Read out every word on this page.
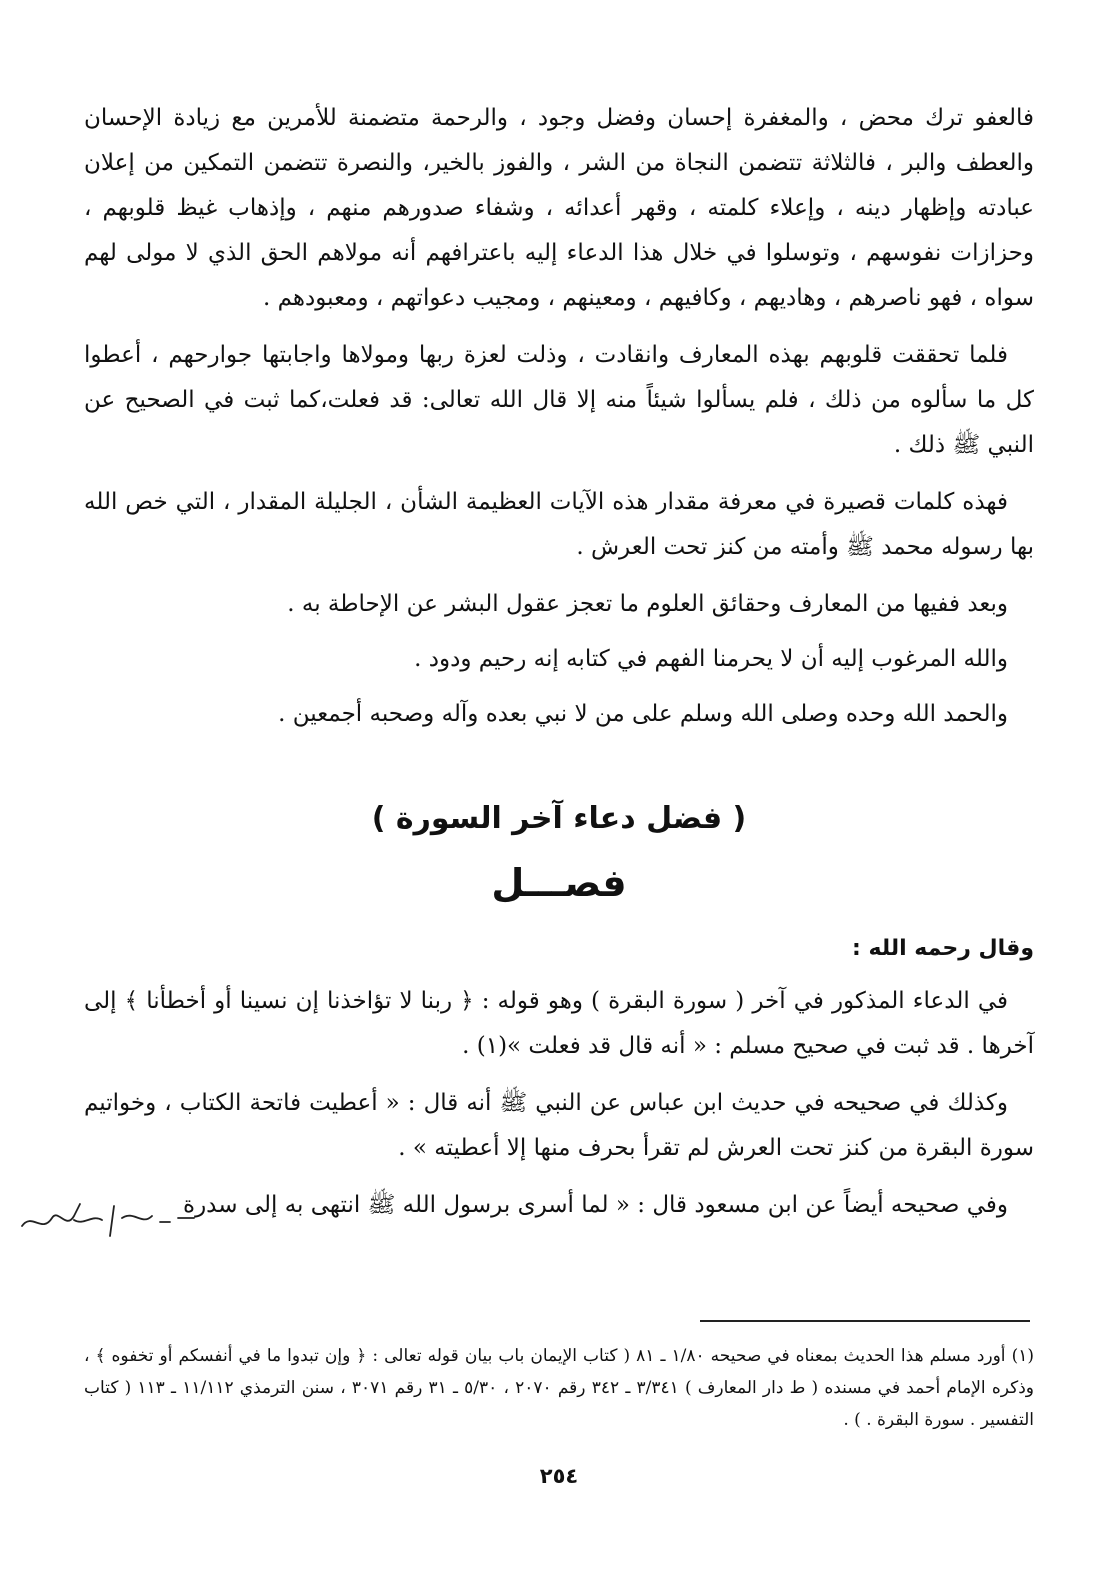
فالعفو ترك محض ، والمغفرة إحسان وفضل وجود ، والرحمة متضمنة للأمرين مع زيادة الإحسان والعطف والبر ، فالثلاثة تتضمن النجاة من الشر ، والفوز بالخير، والنصرة تتضمن التمكين من إعلان عبادته وإظهار دينه ، وإعلاء كلمته ، وقهر أعدائه ، وشفاء صدورهم منهم ، وإذهاب غيظ قلوبهم ، وحزازات نفوسهم ، وتوسلوا في خلال هذا الدعاء إليه باعترافهم أنه مولاهم الحق الذي لا مولى لهم سواه ، فهو ناصرهم ، وهاديهم ، وكافيهم ، ومعينهم ، ومجيب دعواتهم ، ومعبودهم .

فلما تحققت قلوبهم بهذه المعارف وانقادت ، وذلت لعزة ربها ومولاها واجابتها جوارحهم ، أعطوا كل ما سألوه من ذلك ، فلم يسألوا شيئاً منه إلا قال الله تعالى: قد فعلت،كما ثبت في الصحيح عن النبي ﷺ ذلك .

فهذه كلمات قصيرة في معرفة مقدار هذه الآيات العظيمة الشأن ، الجليلة المقدار ، التي خص الله بها رسوله محمد ﷺ وأمته من كنز تحت العرش .

وبعد ففيها من المعارف وحقائق العلوم ما تعجز عقول البشر عن الإحاطة به .

والله المرغوب إليه أن لا يحرمنا الفهم في كتابه إنه رحيم ودود .

والحمد الله وحده وصلى الله وسلم على من لا نبي بعده وآله وصحبه أجمعين .

( فضل دعاء آخر السورة )
فصـــل
وقال رحمه الله :

في الدعاء المذكور في آخر ( سورة البقرة ) وهو قوله : ﴿ ربنا لا تؤاخذنا إن نسينا أو أخطأنا ﴾ إلى آخرها . قد ثبت في صحيح مسلم : « أنه قال قد فعلت »(١) .

وكذلك في صحيحه في حديث ابن عباس عن النبي ﷺ أنه قال : « أعطيت فاتحة الكتاب ، وخواتيم سورة البقرة من كنز تحت العرش لم تقرأ بحرف منها إلا أعطيته » .

وفي صحيحه أيضاً عن ابن مسعود قال : « لما أسرى برسول الله ﷺ انتهى به إلى سدرة

(١) أورد مسلم هذا الحديث بمعناه في صحيحه ١/٨٠ ـ ٨١ ( كتاب الإيمان باب بيان قوله تعالى : ﴿ وإن تبدوا ما في أنفسكم أو تخفوه ﴾ ، وذكره الإمام أحمد في مسنده ( ط دار المعارف ) ٣/٣٤١ ـ ٣٤٢ رقم ٢٠٧٠ ، ٥/٣٠ ـ ٣١ رقم ٣٠٧١ ، سنن الترمذي ١١/١١٢ ـ ١١٣ ( كتاب التفسير . سورة البقرة . ) .
٢٥٤
